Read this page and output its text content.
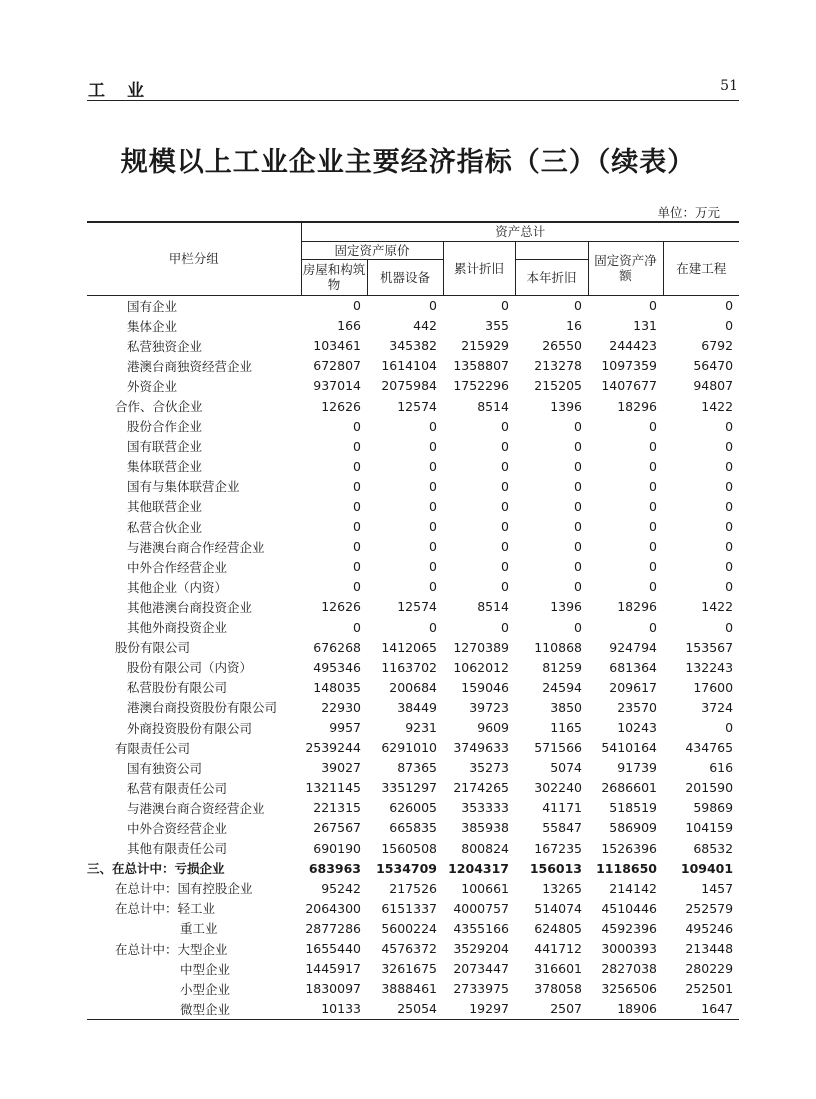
工业	51
规模以上工业企业主要经济指标（三）（续表）
单位：万元
甲栏分组	资产总计					
	固定资产原价		累计折旧		固定资产净额	在建工程
	房屋和构筑物	机器设备		本年折旧		
国有企业	0	0	0	0	0	0
集体企业	166	442	355	16	131	0
私营独资企业	103461	345382	215929	26550	244423	6792
港澳台商独资经营企业	672807	1614104	1358807	213278	1097359	56470
外资企业	937014	2075984	1752296	215205	1407677	94807
合作、合伙企业	12626	12574	8514	1396	18296	1422
股份合作企业	0	0	0	0	0	0
国有联营企业	0	0	0	0	0	0
集体联营企业	0	0	0	0	0	0
国有与集体联营企业	0	0	0	0	0	0
其他联营企业	0	0	0	0	0	0
私营合伙企业	0	0	0	0	0	0
与港澳台商合作经营企业	0	0	0	0	0	0
中外合作经营企业	0	0	0	0	0	0
其他企业（内资）	0	0	0	0	0	0
其他港澳台商投资企业	12626	12574	8514	1396	18296	1422
其他外商投资企业	0	0	0	0	0	0
股份有限公司	676268	1412065	1270389	110868	924794	153567
股份有限公司（内资）	495346	1163702	1062012	81259	681364	132243
私营股份有限公司	148035	200684	159046	24594	209617	17600
港澳台商投资股份有限公司	22930	38449	39723	3850	23570	3724
外商投资股份有限公司	9957	9231	9609	1165	10243	0
有限责任公司	2539244	6291010	3749633	571566	5410164	434765
国有独资公司	39027	87365	35273	5074	91739	616
私营有限责任公司	1321145	3351297	2174265	302240	2686601	201590
与港澳台商合资经营企业	221315	626005	353333	41171	518519	59869
中外合资经营企业	267567	665835	385938	55847	586909	104159
其他有限责任公司	690190	1560508	800824	167235	1526396	68532
三、在总计中：亏损企业	683963	1534709	1204317	156013	1118650	109401
在总计中：国有控股企业	95242	217526	100661	13265	214142	1457
在总计中：轻工业	2064300	6151337	4000757	514074	4510446	252579
重工业	2877286	5600224	4355166	624805	4592396	495246
在总计中：大型企业	1655440	4576372	3529204	441712	3000393	213448
中型企业	1445917	3261675	2073447	316601	2827038	280229
小型企业	1830097	3888461	2733975	378058	3256506	252501
微型企业	10133	25054	19297	2507	18906	1647
